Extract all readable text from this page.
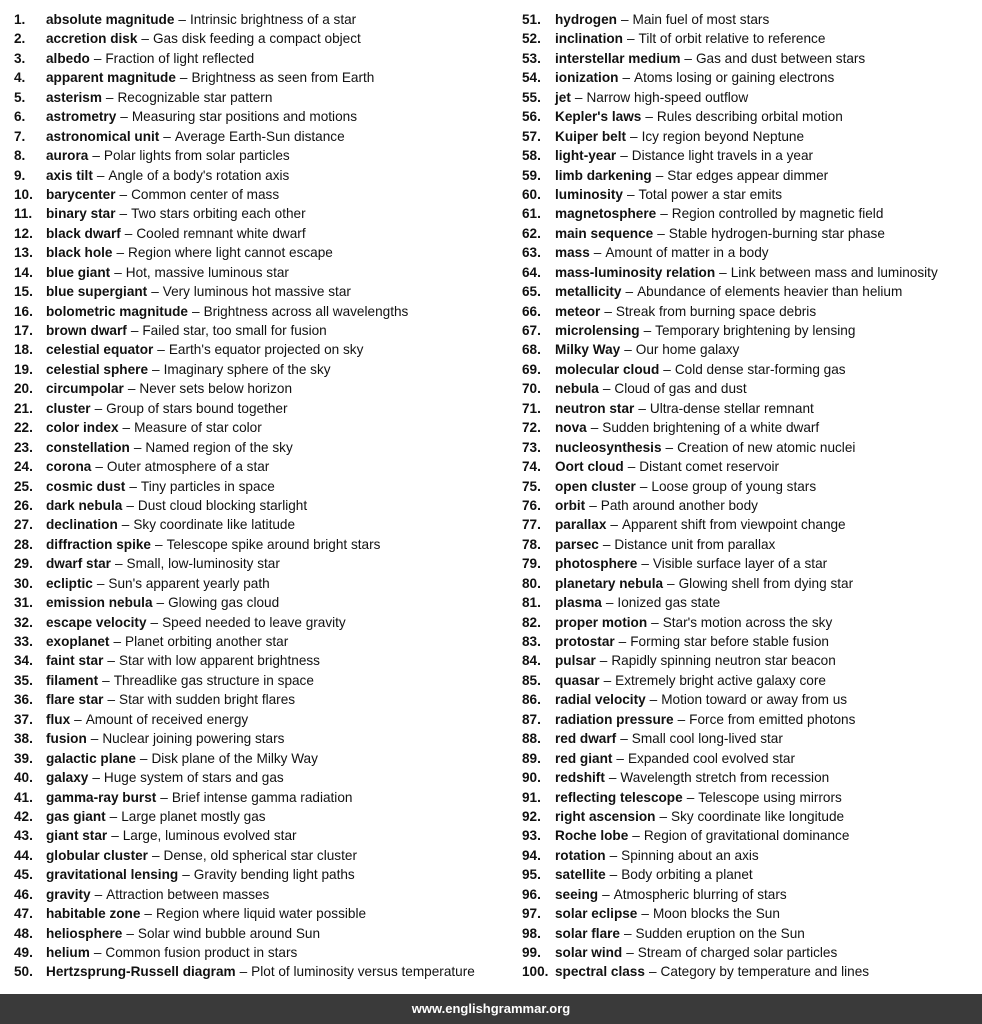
1.	absolute magnitude – Intrinsic brightness of a star
2.	accretion disk – Gas disk feeding a compact object
3.	albedo – Fraction of light reflected
4.	apparent magnitude – Brightness as seen from Earth
5.	asterism – Recognizable star pattern
6.	astrometry – Measuring star positions and motions
7.	astronomical unit – Average Earth-Sun distance
8.	aurora – Polar lights from solar particles
9.	axis tilt – Angle of a body's rotation axis
10. barycenter – Common center of mass
11.	binary star – Two stars orbiting each other
12. black dwarf – Cooled remnant white dwarf
13. black hole – Region where light cannot escape
14. blue giant – Hot, massive luminous star
15. blue supergiant – Very luminous hot massive star
16. bolometric magnitude – Brightness across all wavelengths
17. brown dwarf – Failed star, too small for fusion
18. celestial equator – Earth's equator projected on sky
19. celestial sphere – Imaginary sphere of the sky
20. circumpolar – Never sets below horizon
21. cluster – Group of stars bound together
22. color index – Measure of star color
23. constellation – Named region of the sky
24. corona – Outer atmosphere of a star
25. cosmic dust – Tiny particles in space
26. dark nebula – Dust cloud blocking starlight
27. declination – Sky coordinate like latitude
28. diffraction spike – Telescope spike around bright stars
29. dwarf star – Small, low-luminosity star
30. ecliptic – Sun's apparent yearly path
31. emission nebula – Glowing gas cloud
32. escape velocity – Speed needed to leave gravity
33. exoplanet – Planet orbiting another star
34. faint star – Star with low apparent brightness
35. filament – Threadlike gas structure in space
36. flare star – Star with sudden bright flares
37. flux – Amount of received energy
38. fusion – Nuclear joining powering stars
39. galactic plane – Disk plane of the Milky Way
40. galaxy – Huge system of stars and gas
41. gamma-ray burst – Brief intense gamma radiation
42. gas giant – Large planet mostly gas
43. giant star – Large, luminous evolved star
44. globular cluster – Dense, old spherical star cluster
45. gravitational lensing – Gravity bending light paths
46. gravity – Attraction between masses
47. habitable zone – Region where liquid water possible
48. heliosphere – Solar wind bubble around Sun
49. helium – Common fusion product in stars
50. Hertzsprung-Russell diagram – Plot of luminosity versus temperature
51.	hydrogen – Main fuel of most stars
52.	inclination – Tilt of orbit relative to reference
53.	interstellar medium – Gas and dust between stars
54.	ionization – Atoms losing or gaining electrons
55.	jet – Narrow high-speed outflow
56.	Kepler's laws – Rules describing orbital motion
57.	Kuiper belt – Icy region beyond Neptune
58.	light-year – Distance light travels in a year
59.	limb darkening – Star edges appear dimmer
60.	luminosity – Total power a star emits
61.	magnetosphere – Region controlled by magnetic field
62.	main sequence – Stable hydrogen-burning star phase
63.	mass – Amount of matter in a body
64.	mass-luminosity relation – Link between mass and luminosity
65.	metallicity – Abundance of elements heavier than helium
66.	meteor – Streak from burning space debris
67.	microlensing – Temporary brightening by lensing
68.	Milky Way – Our home galaxy
69.	molecular cloud – Cold dense star-forming gas
70.	nebula – Cloud of gas and dust
71.	neutron star – Ultra-dense stellar remnant
72.	nova – Sudden brightening of a white dwarf
73.	nucleosynthesis – Creation of new atomic nuclei
74.	Oort cloud – Distant comet reservoir
75.	open cluster – Loose group of young stars
76.	orbit – Path around another body
77.	parallax – Apparent shift from viewpoint change
78.	parsec – Distance unit from parallax
79.	photosphere – Visible surface layer of a star
80.	planetary nebula – Glowing shell from dying star
81.	plasma – Ionized gas state
82.	proper motion – Star's motion across the sky
83.	protostar – Forming star before stable fusion
84.	pulsar – Rapidly spinning neutron star beacon
85.	quasar – Extremely bright active galaxy core
86.	radial velocity – Motion toward or away from us
87.	radiation pressure – Force from emitted photons
88.	red dwarf – Small cool long-lived star
89.	red giant – Expanded cool evolved star
90.	redshift – Wavelength stretch from recession
91.	reflecting telescope – Telescope using mirrors
92.	right ascension – Sky coordinate like longitude
93.	Roche lobe – Region of gravitational dominance
94.	rotation – Spinning about an axis
95.	satellite – Body orbiting a planet
96.	seeing – Atmospheric blurring of stars
97.	solar eclipse – Moon blocks the Sun
98.	solar flare – Sudden eruption on the Sun
99.	solar wind – Stream of charged solar particles
100. spectral class – Category by temperature and lines
www.englishgrammar.org
